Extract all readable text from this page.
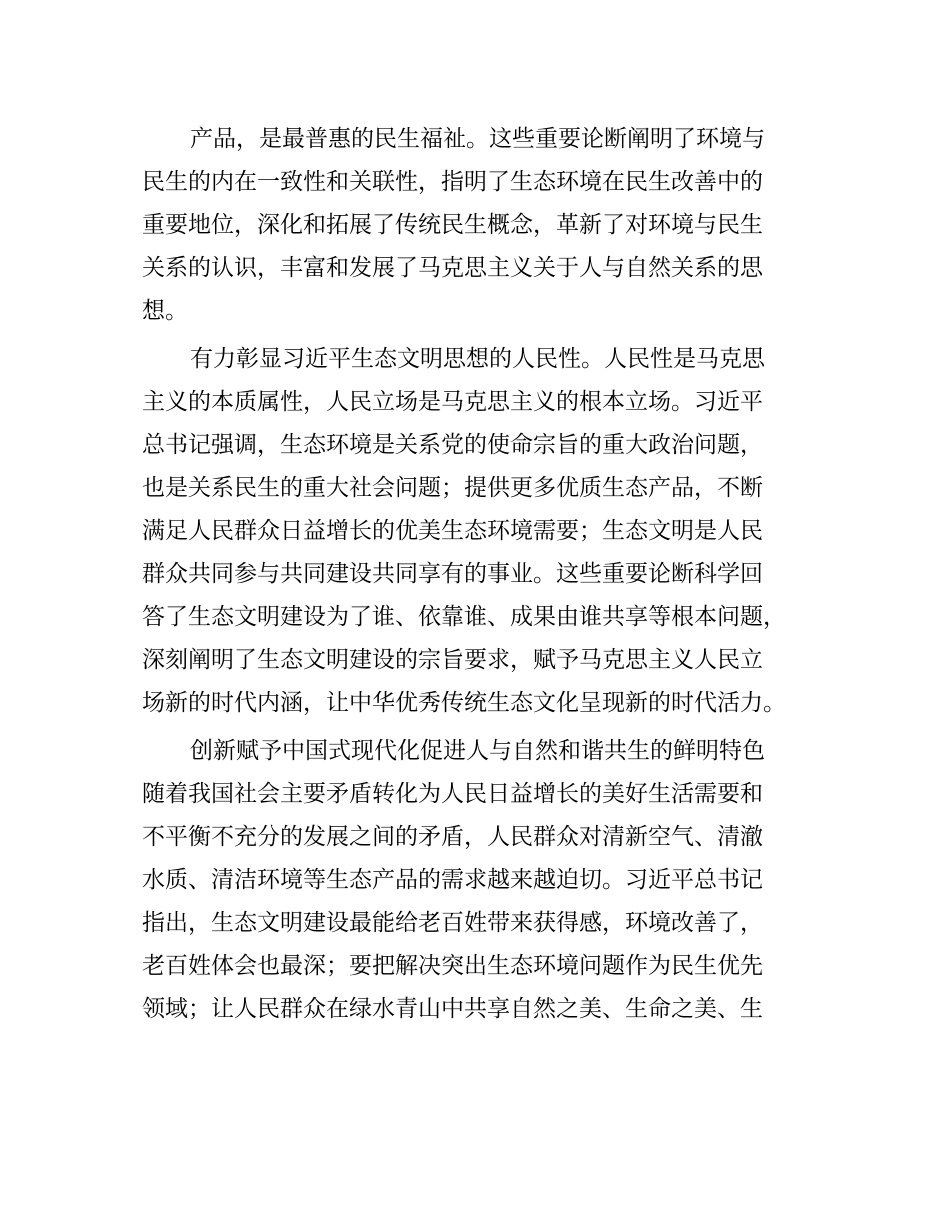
产品，是最普惠的民生福祉。这些重要论断阐明了环境与
民生的内在一致性和关联性，指明了生态环境在民生改善中的
重要地位，深化和拓展了传统民生概念，革新了对环境与民生
关系的认识，丰富和发展了马克思主义关于人与自然关系的思
想。

有力彰显习近平生态文明思想的人民性。人民性是马克思
主义的本质属性，人民立场是马克思主义的根本立场。习近平
总书记强调，生态环境是关系党的使命宗旨的重大政治问题，
也是关系民生的重大社会问题；提供更多优质生态产品，不断
满足人民群众日益增长的优美生态环境需要；生态文明是人民
群众共同参与共同建设共同享有的事业。这些重要论断科学回
答了生态文明建设为了谁、依靠谁、成果由谁共享等根本问题，
深刻阐明了生态文明建设的宗旨要求，赋予马克思主义人民立
场新的时代内涵，让中华优秀传统生态文化呈现新的时代活力。

创新赋予中国式现代化促进人与自然和谐共生的鲜明特色
随着我国社会主要矛盾转化为人民日益增长的美好生活需要和
不平衡不充分的发展之间的矛盾，人民群众对清新空气、清澈
水质、清洁环境等生态产品的需求越来越迫切。习近平总书记
指出，生态文明建设最能给老百姓带来获得感，环境改善了，
老百姓体会也最深；要把解决突出生态环境问题作为民生优先
领域；让人民群众在绿水青山中共享自然之美、生命之美、生
